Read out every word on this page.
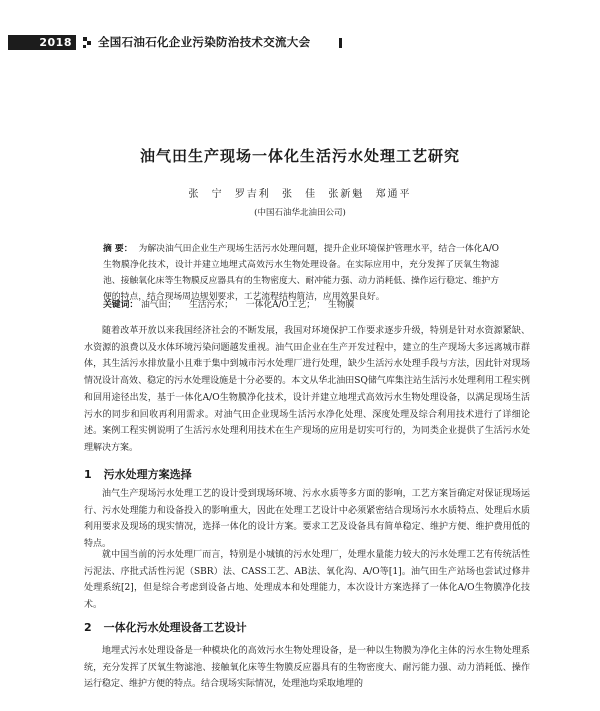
2018	全国石油石化企业污染防治技术交流大会
油气田生产现场一体化生活污水处理工艺研究
张 宁 罗吉利 张 佳 张新魁 郑通平
(中国石油华北油田公司)
摘 要： 为解决油气田企业生产现场生活污水处理问题，提升企业环境保护管理水平，结合一体化A/O生物膜净化技术，设计并建立地埋式高效污水生物处理设备。在实际应用中，充分发挥了厌氧生物滤池、接触氧化床等生物膜反应器具有的生物密度大、耐冲能力强、动力消耗低、操作运行稳定、维护方便的特点，结合现场周边规划要求，工艺流程结构简洁，应用效果良好。
关键词： 油气田； 生活污水； 一体化A/O工艺； 生物膜

随着改革开放以来我国经济社会的不断发展，我国对环境保护工作要求逐步升级，特别是针对水资源紧缺、水资源的浪费以及水体环境污染问题越发重视。油气田企业在生产开发过程中，建立的生产现场大多远离城市群体，其生活污水排放量小且难于集中到城市污水处理厂进行处理，缺少生活污水处理手段与方法，因此针对现场情况设计高效、稳定的污水处理设施是十分必要的。本文从华北油田SQ储气库集注站生活污水处理利用工程实例和回用途径出发，基于一体化A/O生物膜净化技术，设计并建立地埋式高效污水生物处理设备，以满足现场生活污水的同步和回收再利用需求。对油气田企业现场生活污水净化处理、深度处理及综合利用技术进行了详细论述。案例工程实例说明了生活污水处理利用技术在生产现场的应用是切实可行的，为同类企业提供了生活污水处理解决方案。

1 污水处理方案选择

油气生产现场污水处理工艺的设计受到现场环境、污水水质等多方面的影响，工艺方案旨确定对保证现场运行、污水处理能力和设备投入的影响重大，因此在处理工艺设计中必须紧密结合现场污水水质特点、处理后水质利用要求及现场的现实情况，选择一体化的设计方案。要求工艺及设备具有简单稳定、维护方便、维护费用低的特点。

就中国当前的污水处理厂而言，特别是小城镇的污水处理厂，处理水量能力较大的污水处理工艺有传统活性污泥法、序批式活性污泥（SBR）法、CASS工艺、AB法、氧化沟、A/O等[1]。油气田生产站场也尝试过修井处理系统[2]，但是综合考虑到设备占地、处理成本和处理能力，本次设计方案选择了一体化A/O生物膜净化技术。

2 一体化污水处理设备工艺设计

地埋式污水处理设备是一种模块化的高效污水生物处理设备，是一种以生物膜为净化主体的污水生物处理系统，充分发挥了厌氧生物滤池、接触氧化床等生物膜反应器具有的生物密度大、耐污能力强、动力消耗低、操作运行稳定、维护方便的特点。结合现场实际情况，处理池均采取地埋的
